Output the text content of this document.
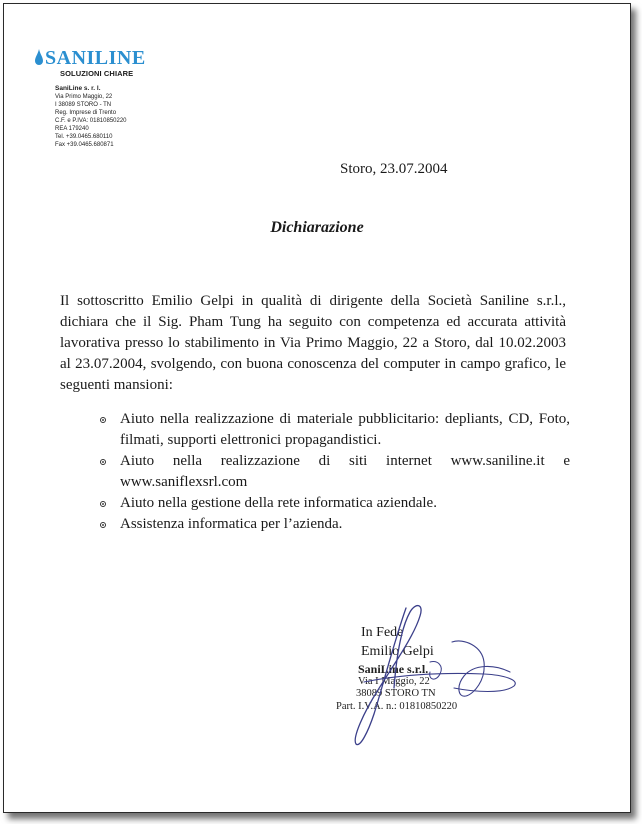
SANILINE
SOLUZIONI CHIARE
SaniLine s. r. l.
Via Primo Maggio, 22
I 38089 STORO - TN
Reg. Imprese di Trento
C.F. e P.IVA: 01810850220
REA 179240
Tel. +39.0465.680110
Fax +39.0465.680871
Storo, 23.07.2004
Dichiarazione
Il sottoscritto Emilio Gelpi in qualità di dirigente della Società Saniline s.r.l., dichiara che il Sig. Pham Tung ha seguito con competenza ed accurata attività lavorativa presso lo stabilimento in Via Primo Maggio, 22 a Storo, dal 10.02.2003 al 23.07.2004, svolgendo, con buona conoscenza del computer in campo grafico, le seguenti mansioni:
Aiuto nella realizzazione di materiale pubblicitario: depliants, CD, Foto, filmati, supporti elettronici propagandistici.
Aiuto nella realizzazione di siti internet www.saniline.it e www.saniflexsrl.com
Aiuto nella gestione della rete informatica aziendale.
Assistenza informatica per l’azienda.
In Fede
Emilio Gelpi
SaniLine s.r.l.
Via I Maggio, 22
38089 STORO TN
Part. I.V.A. n.: 01810850220
